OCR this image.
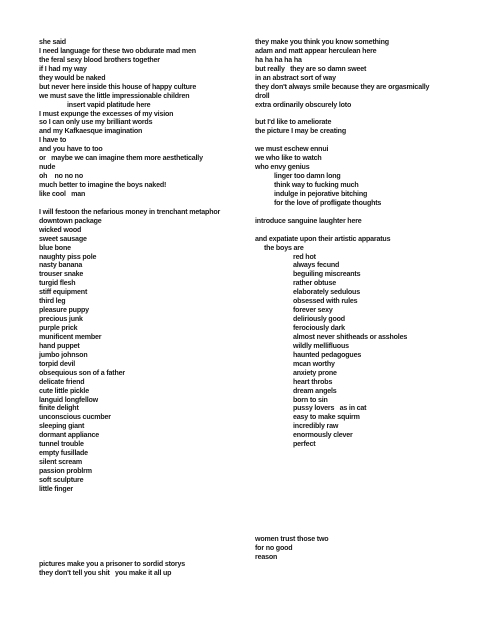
she said
I need language for these two obdurate mad men
the feral sexy blood brothers together
if I had my way
they would be naked
but never here inside this house of happy culture
we must save the little impressionable children
insert vapid platitude here
I must expunge the excesses of my vision
so I can only use my brilliant words
and my Kafkaesque imagination
I have to
and you have to too
or   maybe we can imagine them more aesthetically
nude
oh    no no no
much better to imagine the boys naked!
like cool   man
I will festoon the nefarious money in trenchant metaphor
downtown package
wicked wood
sweet sausage
blue bone
naughty piss pole
nasty banana
trouser snake
turgid flesh
stiff equipment
third leg
pleasure puppy
precious junk
purple prick
munificent member
hand puppet
jumbo johnson
torpid devil
obsequious son of a father
delicate friend
cute little pickle
languid longfellow
finite delight
unconscious cucmber
sleeping giant
dormant appliance
tunnel trouble
empty fusillade
silent scream
passion problrm
soft sculpture
little finger
pictures make you a prisoner to sordid storys
they don't tell you shit   you make it all up
they make you think you know something
adam and matt appear herculean here
ha ha ha ha ha
but really   they are so damn sweet
in an abstract sort of way
they don't always smile because they are orgasmically
droll
extra ordinarily obscurely loto
but I'd like to ameliorate
the picture I may be creating
we must eschew ennui
we who like to watch
who envy genius
linger too damn long
think way to fucking much
indulge in pejorative bitching
for the love of profligate thoughts
introduce sanguine laughter here
and expatiate upon their artistic apparatus
the boys are
red hot
always fecund
beguiling miscreants
rather obtuse
elaborately sedulous
obsessed with rules
forever sexy
deliriously good
ferociously dark
almost never shitheads or assholes
wildly mellifluous
haunted pedagogues
mcan worthy
anxiety prone
heart throbs
dream angels
born to sin
pussy lovers   as in cat
easy to make squirm
incredibly raw
enormously clever
perfect
women trust those two
for no good
reason
